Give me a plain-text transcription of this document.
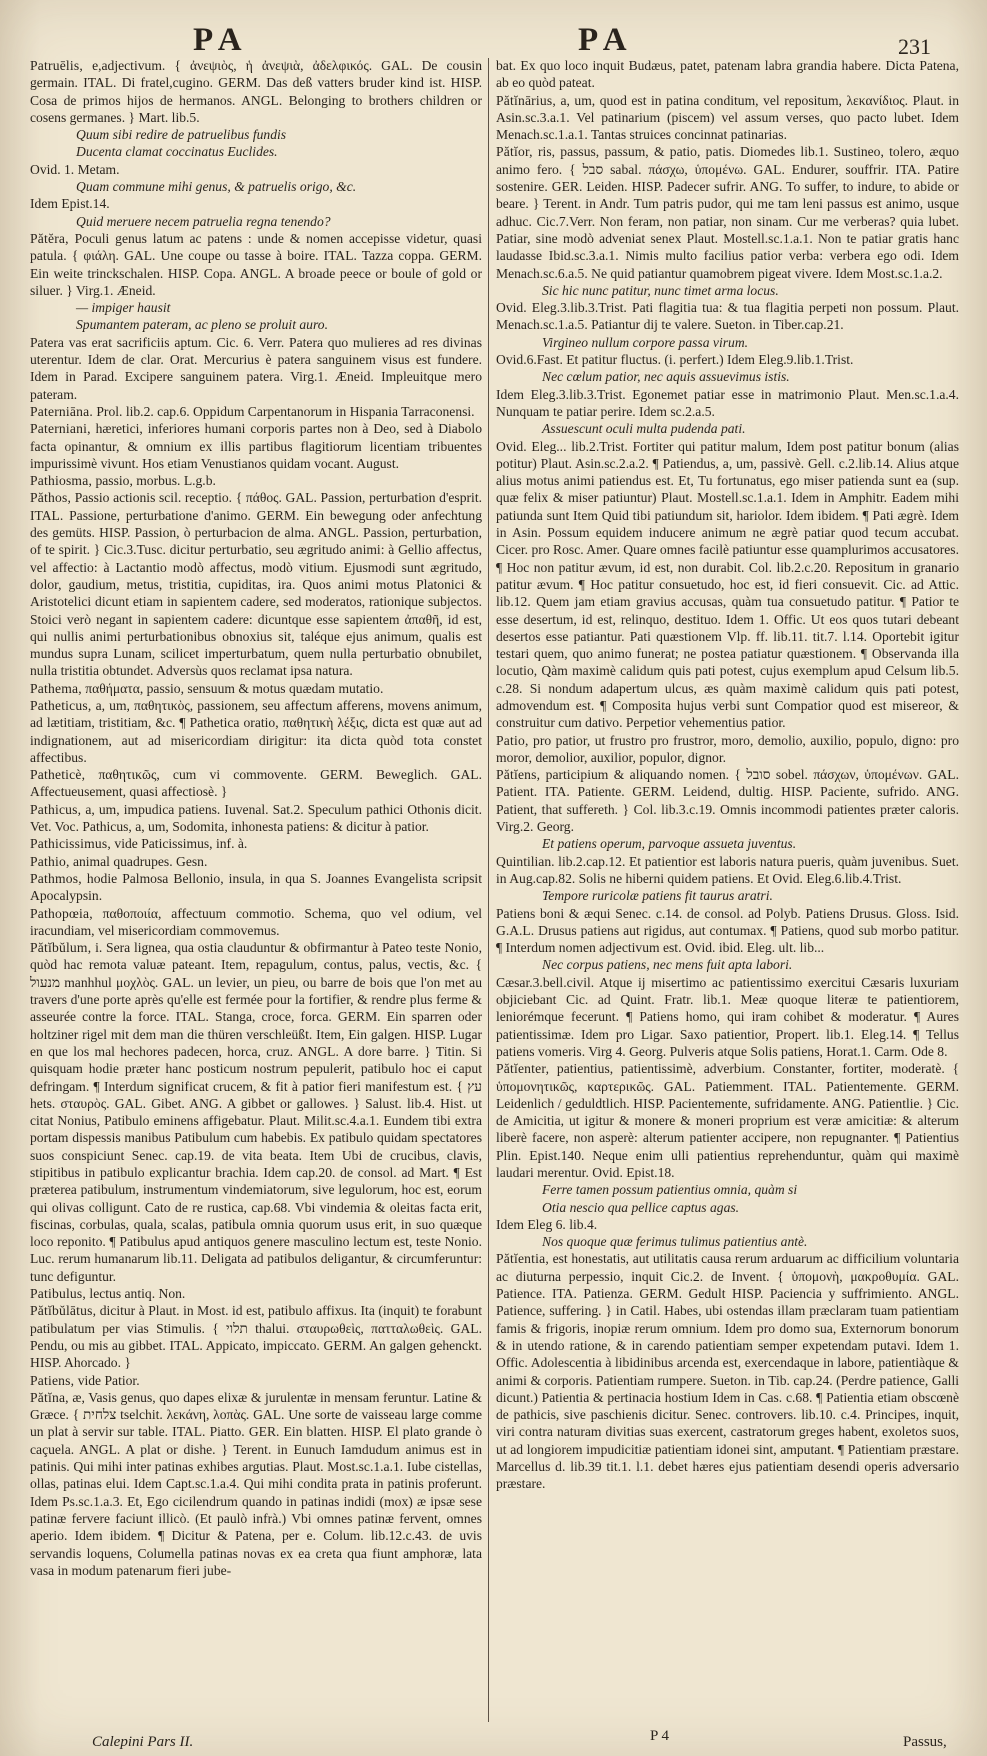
PA	PA	231

Patruēlis, e,adjectivum. { ἀνεψιὸς, ἡ ἀνεψιὰ, ἀδελφικός. GAL. De cousin germain. ITAL. Di fratel,cugino. GERM. Das deß vatters bruder kind ist. HISP. Cosa de primos hijos de hermanos. ANGL. Belonging to brothers children or cosens germanes. } Mart. lib.5.

Quum sibi redire de patruelibus fundis
Ducenta clamat coccinatus Euclides.

Ovid. 1. Metam.

Quam commune mihi genus, & patruelis origo, &c.

Idem Epist.14.

Quid meruere necem patruelia regna tenendo?

Pătĕra, Poculi genus latum ac patens : unde & nomen accepisse videtur, quasi patula. { φιάλη. GAL. Une coupe ou tasse à boire. ITAL. Tazza coppa. GERM. Ein weite trinckschalen. HISP. Copa. ANGL. A broade peece or boule of gold or siluer. } Virg.1. Æneid.

— impiger hausit
Spumantem pateram, ac pleno se proluit auro.

Patera vas erat sacrificiis aptum. Cic. 6. Verr. Patera quo mulieres ad res divinas uterentur. Idem de clar. Orat. Mercurius è patera sanguinem visus est fundere. Idem in Parad. Excipere sanguinem patera. Virg.1. Æneid. Impleuitque mero pateram.

Paterniāna. Prol. lib.2. cap.6. Oppidum Carpentanorum in Hispania Tarraconensi.

Paterniani, hæretici, inferiores humani corporis partes non à Deo, sed à Diabolo facta opinantur, & omnium ex illis partibus flagitiorum licentiam tribuentes impurissimè vivunt. Hos etiam Venustianos quidam vocant. August.

Pathiosma, passio, morbus. L.g.b.

Păthos, Passio actionis scil. receptio. { πάθος. GAL. Passion, perturbation d'esprit. ITAL. Passione, perturbatione d'animo. GERM. Ein bewegung oder anfechtung des gemüts. HISP. Passion, ò perturbacion de alma. ANGL. Passion, perturbation, of te spirit. } Cic.3.Tusc. dicitur perturbatio, seu ægritudo animi: à Gellio affectus, vel affectio: à Lactantio modò affectus, modò vitium. Ejusmodi sunt ægritudo, dolor, gaudium, metus, tristitia, cupiditas, ira. Quos animi motus Platonici & Aristotelici dicunt etiam in sapientem cadere, sed moderatos, rationique subjectos. Stoici verò negant in sapientem cadere: dicuntque esse sapientem ἀπαθῆ, id est, qui nullis animi perturbationibus obnoxius sit, taléque ejus animum, qualis est mundus supra Lunam, scilicet imperturbatum, quem nulla perturbatio obnubilet, nulla tristitia obtundet. Adversùs quos reclamat ipsa natura.

Pathema, παθήματα, passio, sensuum & motus quædam mutatio.

Patheticus, a, um, παθητικὸς, passionem, seu affectum afferens, movens animum, ad lætitiam, tristitiam, &c. ¶ Pathetica oratio, παθητικὴ λέξις, dicta est quæ aut ad indignationem, aut ad misericordiam dirigitur: ita dicta quòd tota constet affectibus.

Patheticè, παθητικῶς, cum vi commovente. GERM. Beweglich. GAL. Affectueusement, quasi affectiosè. }

Pathicus, a, um, impudica patiens. Iuvenal. Sat.2. Speculum pathici Othonis dicit. Vet. Voc. Pathicus, a, um, Sodomita, inhonesta patiens: & dicitur à patior.

Pathicissimus, vide Paticissimus, inf. à.

Pathio, animal quadrupes. Gesn.

Pathmos, hodie Palmosa Bellonio, insula, in qua S. Joannes Evangelista scripsit Apocalypsin.

Pathopœia, παθοποιία, affectuum commotio. Schema, quo vel odium, vel iracundiam, vel misericordiam commovemus.

Pătĭbŭlum, i. Sera lignea, qua ostia clauduntur & obfirmantur à Pateo teste Nonio, quòd hac remota valuæ pateant. Item, repagulum, contus, palus, vectis, &c. { מנעול manhhul μοχλὸς. GAL. un levier, un pieu, ou barre de bois que l'on met au travers d'une porte après qu'elle est fermée pour la fortifier, & rendre plus ferme & asseurée contre la force. ITAL. Stanga, croce, forca. GERM. Ein sparren oder holtziner rigel mit dem man die thüren verschleüßt. Item, Ein galgen. HISP. Lugar en que los mal hechores padecen, horca, cruz. ANGL. A dore barre. } Titin. Si quisquam hodie præter hanc posticum nostrum pepulerit, patibulo hoc ei caput defringam. ¶ Interdum significat crucem, & fit à patior fieri manifestum est. { עץ hets. σταυρὸς. GAL. Gibet. ANG. A gibbet or gallowes. } Salust. lib.4. Hist. ut citat Nonius, Patibulo eminens affigebatur. Plaut. Milit.sc.4.a.1. Eundem tibi extra portam dispessis manibus Patibulum cum habebis. Ex patibulo quidam spectatores suos conspiciunt Senec. cap.19. de vita beata. Item Ubi de crucibus, clavis, stipitibus in patibulo explicantur brachia. Idem cap.20. de consol. ad Mart. ¶ Est præterea patibulum, instrumentum vindemiatorum, sive legulorum, hoc est, eorum qui olivas colligunt. Cato de re rustica, cap.68. Vbi vindemia & oleitas facta erit, fiscinas, corbulas, quala, scalas, patibula omnia quorum usus erit, in suo quæque loco reponito. ¶ Patibulus apud antiquos genere masculino lectum est, teste Nonio. Luc. rerum humanarum lib.11. Deligata ad patibulos deligantur, & circumferuntur: tunc defiguntur.

Patibulus, lectus antiq. Non.

Pătĭbŭlātus, dicitur à Plaut. in Most. id est, patibulo affixus. Ita (inquit) te forabunt patibulatum per vias Stimulis. { תלוי thalui. σταυρωθεὶς, πατταλωθεὶς. GAL. Pendu, ou mis au gibbet. ITAL. Appicato, impiccato. GERM. An galgen gehenckt. HISP. Ahorcado. }

Patiens, vide Patior.

Pătĭna, æ, Vasis genus, quo dapes elixæ & jurulentæ in mensam feruntur. Latine & Græce. { צלחית tselchit. λεκάνη, λοπὰς. GAL. Une sorte de vaisseau large comme un plat à servir sur table. ITAL. Piatto. GER. Ein blatten. HISP. El plato grande ò caçuela. ANGL. A plat or dishe. } Terent. in Eunuch Iamdudum animus est in patinis. Qui mihi inter patinas exhibes argutias. Plaut. Most.sc.1.a.1. Iube cistellas, ollas, patinas elui. Idem Capt.sc.1.a.4. Qui mihi condita prata in patinis proferunt. Idem Ps.sc.1.a.3. Et, Ego cicilendrum quando in patinas indidi (mox) æ ipsæ sese patinæ fervere faciunt illicò. (Et paulò infrà.) Vbi omnes patinæ fervent, omnes aperio. Idem ibidem. ¶ Dicitur & Patena, per e. Colum. lib.12.c.43. de uvis servandis loquens, Columella patinas novas ex ea creta qua fiunt amphoræ, lata vasa in modum patenarum fieri jube-

bat. Ex quo loco inquit Budæus, patet, patenam labra grandia habere. Dicta Patena, ab eo quòd pateat.

Pătĭnārius, a, um, quod est in patina conditum, vel repositum, λεκανίδιος. Plaut. in Asin.sc.3.a.1. Vel patinarium (piscem) vel assum verses, quo pacto lubet. Idem Menach.sc.1.a.1. Tantas struices concinnat patinarias.

Pătĭor, ris, passus, passum, & patio, patis. Diomedes lib.1. Sustineo, tolero, æquo animo fero. { סבל sabal. πάσχω, ὑπομένω. GAL. Endurer, souffrir. ITA. Patire sostenire. GER. Leiden. HISP. Padecer sufrir. ANG. To suffer, to indure, to abide or beare. } Terent. in Andr. Tum patris pudor, qui me tam leni passus est animo, usque adhuc. Cic.7.Verr. Non feram, non patiar, non sinam. Cur me verberas? quia lubet. Patiar, sine modò adveniat senex Plaut. Mostell.sc.1.a.1. Non te patiar gratis hanc laudasse Ibid.sc.3.a.1. Nimis multo facilius patior verba: verbera ego odi. Idem Menach.sc.6.a.5. Ne quid patiantur quamobrem pigeat vivere. Idem Most.sc.1.a.2.

Sic hic nunc patitur, nunc timet arma locus.

Ovid. Eleg.3.lib.3.Trist. Pati flagitia tua: & tua flagitia perpeti non possum. Plaut. Menach.sc.1.a.5. Patiantur dij te valere. Sueton. in Tiber.cap.21.

Virgineo nullum corpore passa virum.

Ovid.6.Fast. Et patitur fluctus. (i. perfert.) Idem Eleg.9.lib.1.Trist.

Nec cœlum patior, nec aquis assuevimus istis.

Idem Eleg.3.lib.3.Trist. Egonemet patiar esse in matrimonio Plaut. Men.sc.1.a.4. Nunquam te patiar perire. Idem sc.2.a.5.

Assuescunt oculi multa pudenda pati.

Ovid. Eleg... lib.2.Trist. Fortiter qui patitur malum, Idem post patitur bonum (alias potitur) Plaut. Asin.sc.2.a.2. ¶ Patiendus, a, um, passivè. Gell. c.2.lib.14. Alius atque alius motus animi patiendus est. Et, Tu fortunatus, ego miser patienda sunt ea (sup. quæ felix & miser patiuntur) Plaut. Mostell.sc.1.a.1. Idem in Amphitr. Eadem mihi patiunda sunt Item Quid tibi patiundum sit, hariolor. Idem ibidem. ¶ Pati ægrè. Idem in Asin. Possum equidem inducere animum ne ægrè patiar quod tecum accubat. Cicer. pro Rosc. Amer. Quare omnes facilè patiuntur esse quamplurimos accusatores. ¶ Hoc non patitur ævum, id est, non durabit. Col. lib.2.c.20. Repositum in granario patitur ævum. ¶ Hoc patitur consuetudo, hoc est, id fieri consuevit. Cic. ad Attic. lib.12. Quem jam etiam gravius accusas, quàm tua consuetudo patitur. ¶ Patior te esse desertum, id est, relinquo, destituo. Idem 1. Offic. Ut eos quos tutari debeant desertos esse patiantur. Pati quæstionem Vlp. ff. lib.11. tit.7. l.14. Oportebit igitur testari quem, quo animo funerat; ne postea patiatur quæstionem. ¶ Observanda illa locutio, Qàm maximè calidum quis pati potest, cujus exemplum apud Celsum lib.5. c.28. Si nondum adapertum ulcus, æs quàm maximè calidum quis pati potest, admovendum est. ¶ Composita hujus verbi sunt Compatior quod est misereor, & construitur cum dativo. Perpetior vehementius patior.

Patio, pro patior, ut frustro pro frustror, moro, demolio, auxilio, populo, digno: pro moror, demolior, auxilior, populor, dignor.

Pătĭens, participium & aliquando nomen. { סובל sobel. πάσχων, ὑπομένων. GAL. Patient. ITA. Patiente. GERM. Leidend, dultig. HISP. Paciente, sufrido. ANG. Patient, that suffereth. } Col. lib.3.c.19. Omnis incommodi patientes præter caloris. Virg.2. Georg.

Et patiens operum, parvoque assueta juventus.

Quintilian. lib.2.cap.12. Et patientior est laboris natura pueris, quàm juvenibus. Suet. in Aug.cap.82. Solis ne hiberni quidem patiens. Et Ovid. Eleg.6.lib.4.Trist.

Tempore ruricolæ patiens fit taurus aratri.

Patiens boni & æqui Senec. c.14. de consol. ad Polyb. Patiens Drusus. Gloss. Isid. G.A.L. Drusus patiens aut rigidus, aut contumax. ¶ Patiens, quod sub morbo patitur. ¶ Interdum nomen adjectivum est. Ovid. ibid. Eleg. ult. lib...

Nec corpus patiens, nec mens fuit apta labori.

Cæsar.3.bell.civil. Atque ij misertimo ac patientissimo exercitui Cæsaris luxuriam objiciebant Cic. ad Quint. Fratr. lib.1. Meæ quoque literæ te patientiorem, leniorémque fecerunt. ¶ Patiens homo, qui iram cohibet & moderatur. ¶ Aures patientissimæ. Idem pro Ligar. Saxo patientior, Propert. lib.1. Eleg.14. ¶ Tellus patiens vomeris. Virg 4. Georg. Pulveris atque Solis patiens, Horat.1. Carm. Ode 8.

Pătĭenter, patientius, patientissimè, adverbium. Constanter, fortiter, moderatè. { ὑπομονητικῶς, καρτερικῶς. GAL. Patiemment. ITAL. Patientemente. GERM. Leidenlich / geduldtlich. HISP. Pacientemente, sufridamente. ANG. Patientlie. } Cic. de Amicitia, ut igitur & monere & moneri proprium est veræ amicitiæ: & alterum liberè facere, non asperè: alterum patienter accipere, non repugnanter. ¶ Patientius Plin. Epist.140. Neque enim ulli patientius reprehenduntur, quàm qui maximè laudari merentur. Ovid. Epist.18.

Ferre tamen possum patientius omnia, quàm si
Otia nescio qua pellice captus agas.

Idem Eleg 6. lib.4.

Nos quoque quæ ferimus tulimus patientius antè.

Pătĭentia, est honestatis, aut utilitatis causa rerum arduarum ac difficilium voluntaria ac diuturna perpessio, inquit Cic.2. de Invent. { ὑπομονὴ, μακροθυμία. GAL. Patience. ITA. Patienza. GERM. Gedult HISP. Paciencia y suffrimiento. ANGL. Patience, suffering. } in Catil. Habes, ubi ostendas illam præclaram tuam patientiam famis & frigoris, inopiæ rerum omnium. Idem pro domo sua, Externorum bonorum & in utendo ratione, & in carendo patientiam semper expetendam putavi. Idem 1. Offic. Adolescentia à libidinibus arcenda est, exercendaque in labore, patientiàque & animi & corporis. Patientiam rumpere. Sueton. in Tib. cap.24. (Perdre patience, Galli dicunt.) Patientia & pertinacia hostium Idem in Cas. c.68. ¶ Patientia etiam obscœnè de pathicis, sive paschienis dicitur. Senec. controvers. lib.10. c.4. Principes, inquit, viri contra naturam divitias suas exercent, castratorum greges habent, exoletos suos, ut ad longiorem impudicitiæ patientiam idonei sint, amputant. ¶ Patientiam præstare. Marcellus d. lib.39 tit.1. l.1. debet hæres ejus patientiam desendi operis adversario præstare.

Calepini Pars II.	P 4	Passus,
